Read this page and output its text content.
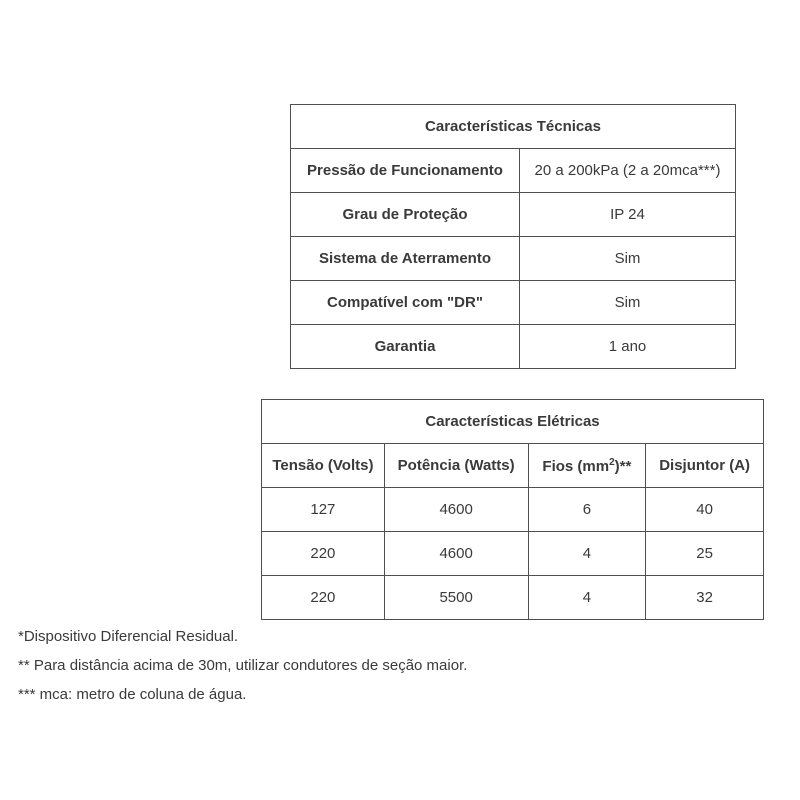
Características Técnicas	
Pressão de Funcionamento	20 a 200kPa (2 a 20mca***)
Grau de Proteção	IP 24
Sistema de Aterramento	Sim
Compatível com "DR"	Sim
Garantia	1 ano
Características Elétricas			
Tensão (Volts)	Potência (Watts)	Fios $(mm^2)**$	Disjuntor (A)
127	4600	6	40
220	4600	4	25
220	5500	4	32
*Dispositivo Diferencial Residual.
** Para distância acima de 30m, utilizar condutores de seção maior.
*** mca: metro de coluna de água.
